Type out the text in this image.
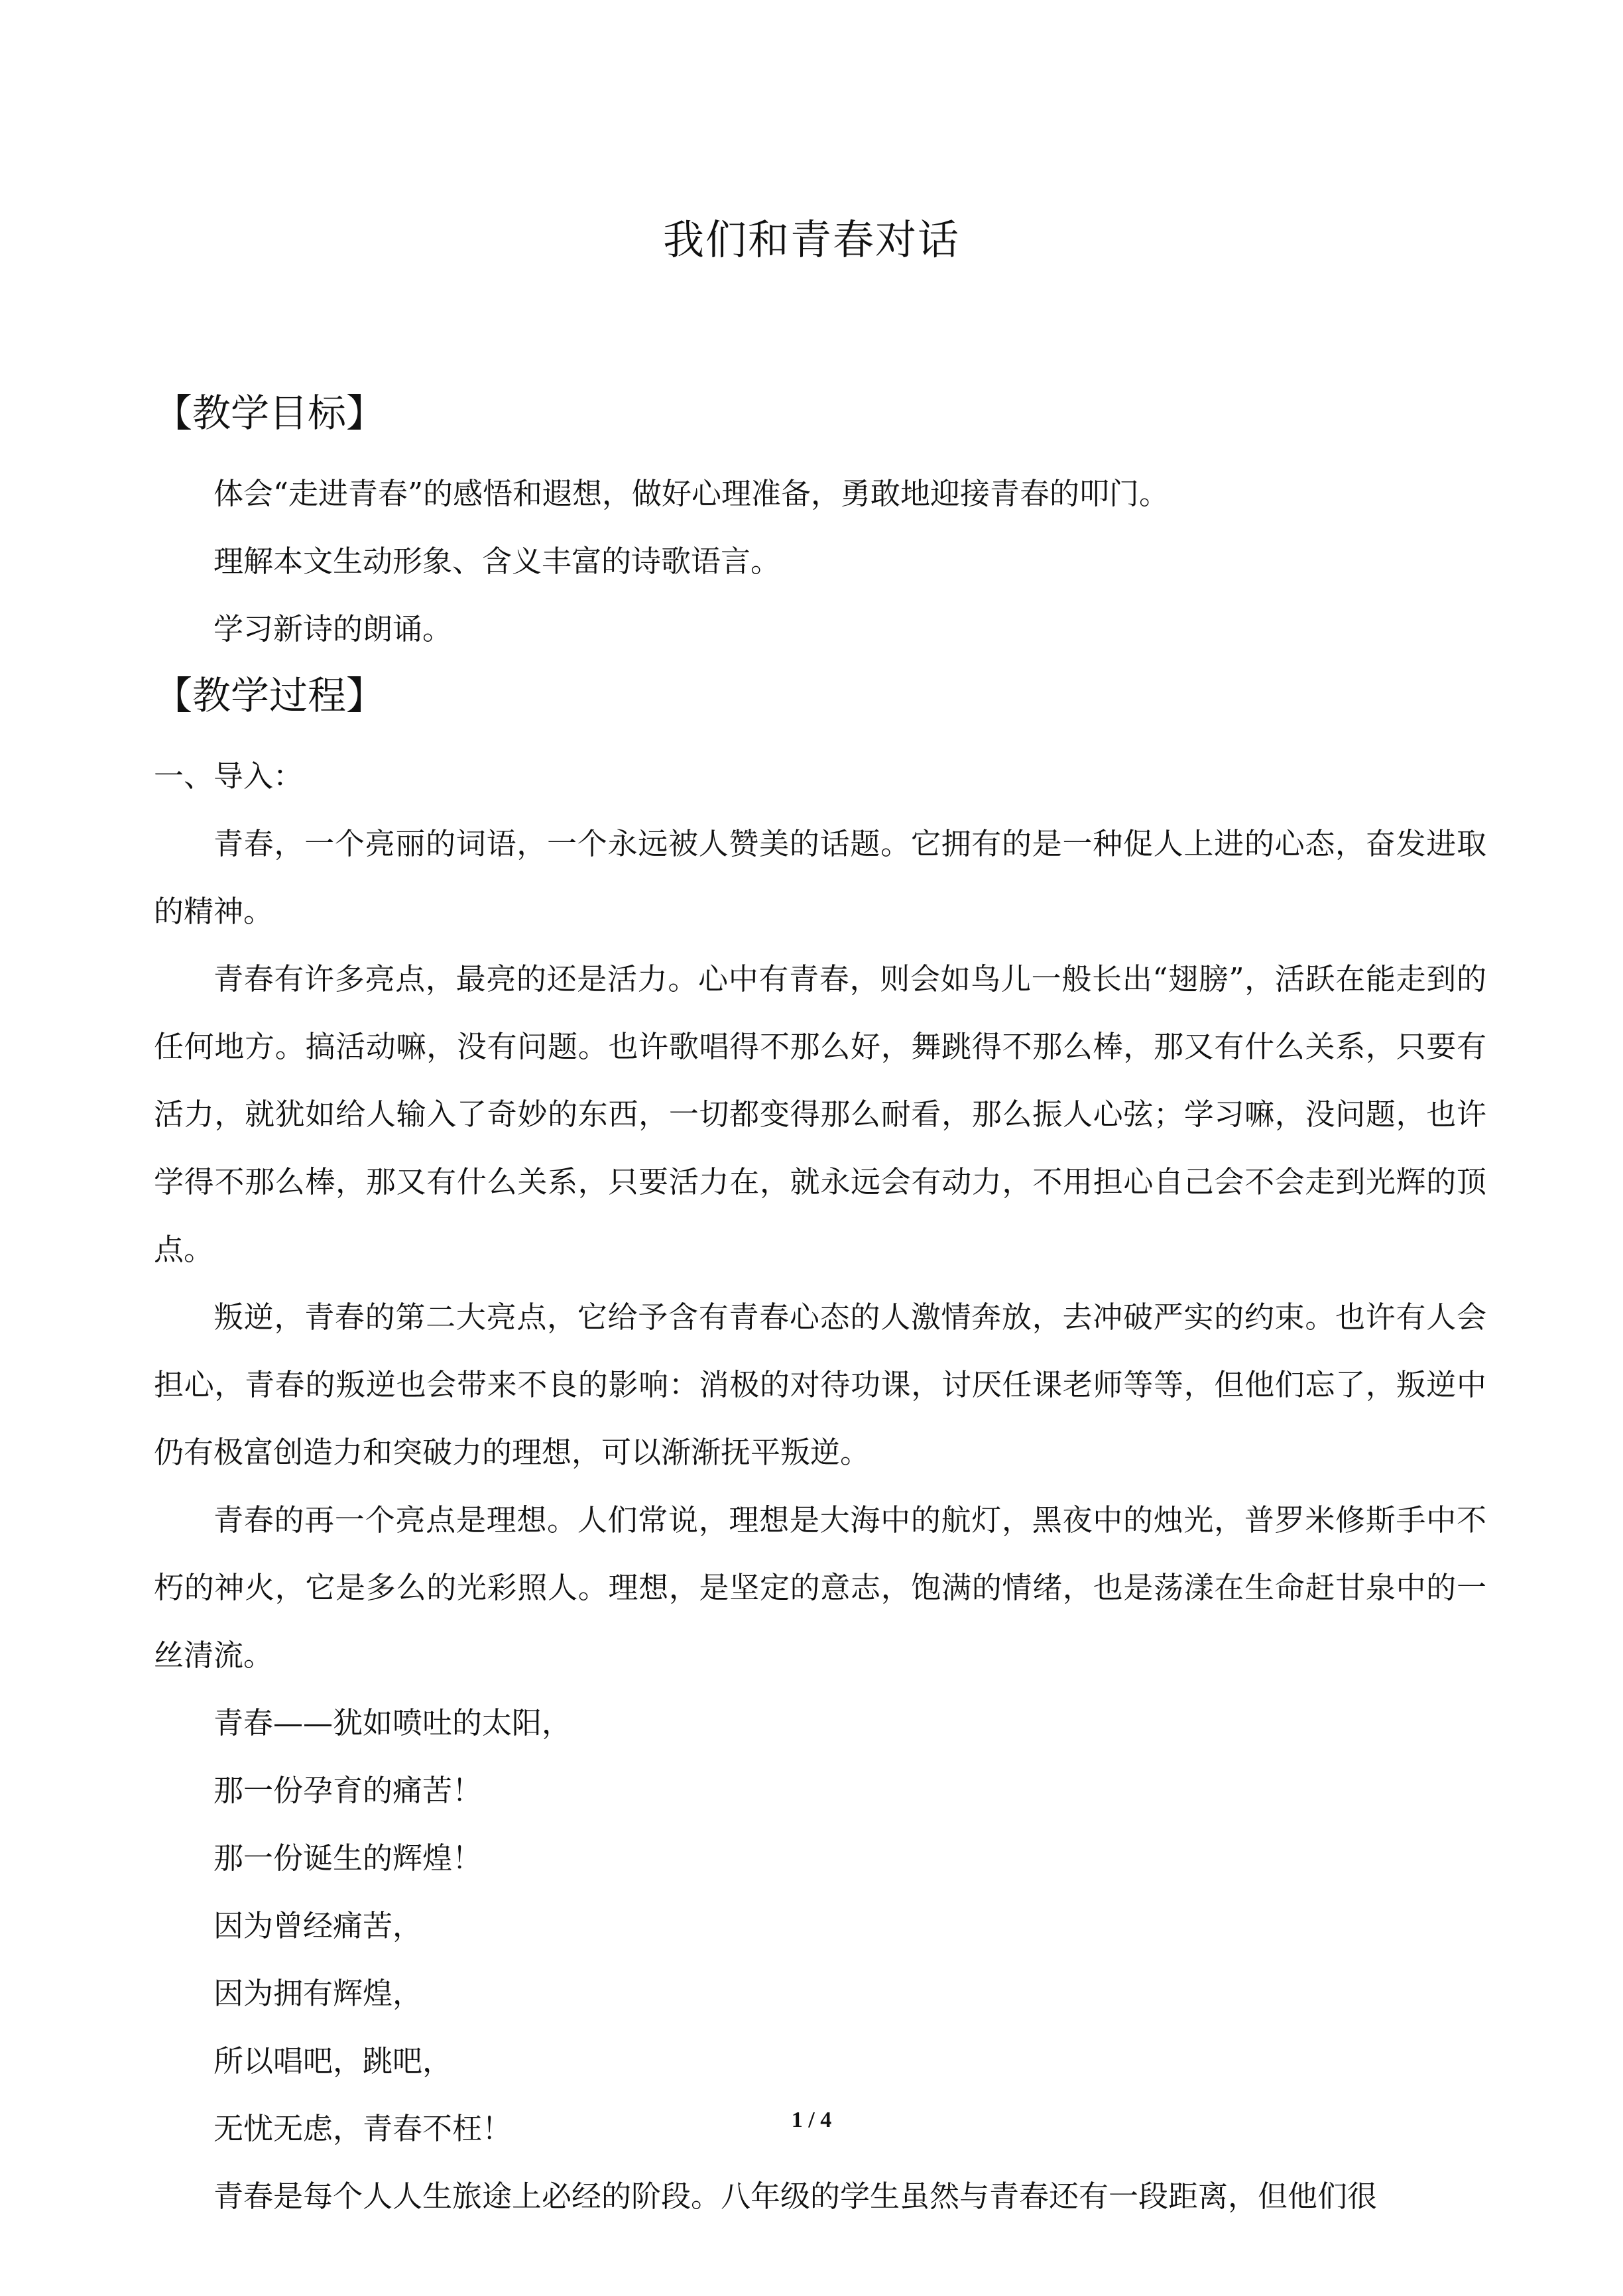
我们和青春对话
【教学目标】

体会“走进青春”的感悟和遐想，做好心理准备，勇敢地迎接青春的叩门。

理解本文生动形象、含义丰富的诗歌语言。

学习新诗的朗诵。

【教学过程】

一、导入：

青春，一个亮丽的词语，一个永远被人赞美的话题。它拥有的是一种促人上进的心态，奋发进取的精神。

青春有许多亮点，最亮的还是活力。心中有青春，则会如鸟儿一般长出“翅膀”，活跃在能走到的任何地方。搞活动嘛，没有问题。也许歌唱得不那么好，舞跳得不那么棒，那又有什么关系，只要有活力，就犹如给人输入了奇妙的东西，一切都变得那么耐看，那么振人心弦；学习嘛，没问题，也许学得不那么棒，那又有什么关系，只要活力在，就永远会有动力，不用担心自己会不会走到光辉的顶点。

叛逆，青春的第二大亮点，它给予含有青春心态的人激情奔放，去冲破严实的约束。也许有人会担心，青春的叛逆也会带来不良的影响：消极的对待功课，讨厌任课老师等等，但他们忘了，叛逆中仍有极富创造力和突破力的理想，可以渐渐抚平叛逆。

青春的再一个亮点是理想。人们常说，理想是大海中的航灯，黑夜中的烛光，普罗米修斯手中不朽的神火，它是多么的光彩照人。理想，是坚定的意志，饱满的情绪，也是荡漾在生命赶甘泉中的一丝清流。

青春——犹如喷吐的太阳，

那一份孕育的痛苦！

那一份诞生的辉煌！

因为曾经痛苦，

因为拥有辉煌，

所以唱吧，跳吧，

无忧无虑，青春不枉！

青春是每个人人生旅途上必经的阶段。八年级的学生虽然与青春还有一段距离，但他们很

1 / 4
